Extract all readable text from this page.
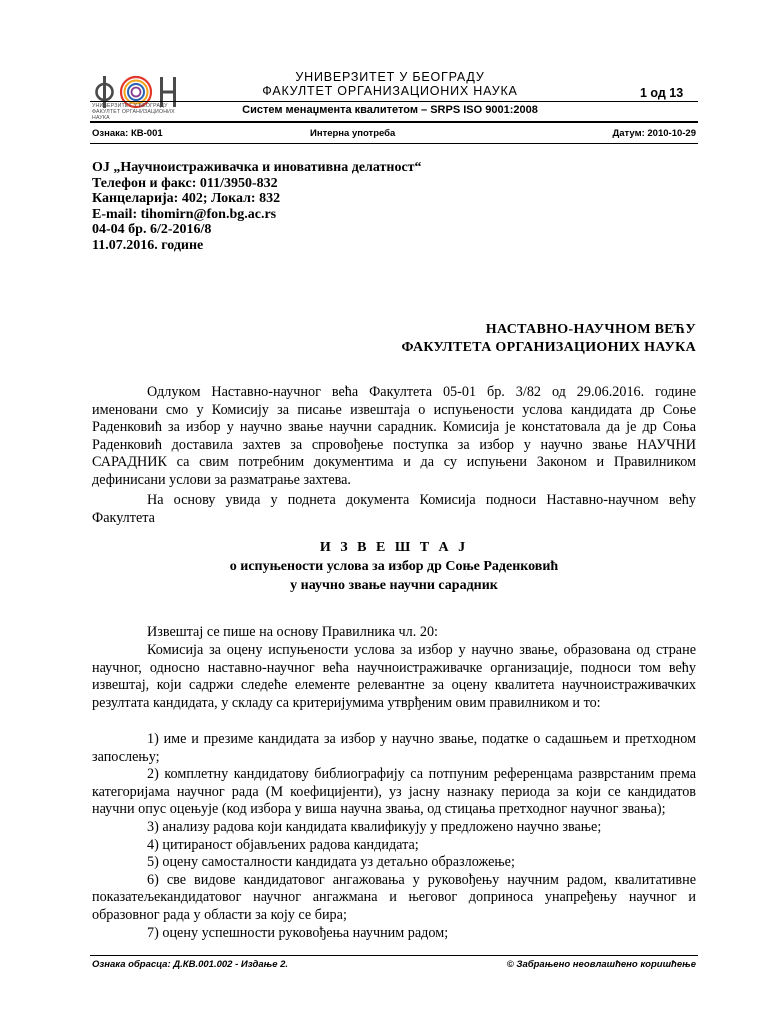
УНИВЕРЗИТЕТ У БЕОГРАДУ
ФАКУЛТЕТ ОРГАНИЗАЦИОНИХ НАУКА
УНИВЕРЗИТЕТ У БЕОГРАДУ
ФАКУЛТЕТ ОРГАНИЗАЦИОНИХ НАУКА	1 од 13
Систем менаџмента квалитетом – SRPS ISO 9001:2008
Ознака: КВ-001	Интерна употреба	Датум: 2010-10-29
ОЈ „Научноистраживачка и иновативна делатност“
Телефон и факс: 011/3950-832
Канцеларија: 402; Локал: 832
E-mail: tihomirn@fon.bg.ac.rs
04-04 бр. 6/2-2016/8
11.07.2016. године
НАСТАВНО-НАУЧНОМ ВЕЋУ
ФАКУЛТЕТА ОРГАНИЗАЦИОНИХ НАУКА
Одлуком Наставно-научног већа Факултета 05-01 бр. 3/82 од 29.06.2016. године именовани смо у Комисију за писање извештаја о испуњености услова кандидата др Соње Раденковић за избор у научно звање научни сарадник. Комисија је констатовала да је др Соња Раденковић доставила захтев за спровођење поступка за избор у научно звање НАУЧНИ САРАДНИК са свим потребним документима и да су испуњени Законом и Правилником дефинисани услови за разматрање захтева.
На основу увида у поднета документа Комисија подноси Наставно-научном већу Факултета
И З В Е Ш Т А Ј
о испуњености услова за избор др Соње Раденковић
у научно звање научни сарадник
Извештај се пише на основу Правилника чл. 20:
Комисија за оцену испуњености услова за избор у научно звање, образована од стране научног, односно наставно-научног већа научноистраживачке организације, подноси том већу извештај, који садржи следеће елементе релевантне за оцену квалитета научноистраживачких резултата кандидата, у складу са критеријумима утврђеним овим правилником и то:
1) име и презиме кандидата за избор у научно звање, податке о садашњем и претходном запослењу;
2) комплетну кандидатову библиографију са потпуним референцама разврстаним према категоријама научног рада (М коефицијенти), уз јасну назнаку периода за који се кандидатов научни опус оцењује (код избора у виша научна звања, од стицања претходног научног звања);
3) анализу радова који кандидата квалификују у предложено научно звање;
4) цитираност објављених радова кандидата;
5) оцену самосталности кандидата уз детаљно образложење;
6) све видове кандидатовог ангажовања у руковођењу научним радом, квалитативне показатељекандидатовог научног ангажмана и његовог доприноса унапређењу научног и образовног рада у области за коју се бира;
7) оцену успешности руковођења научним радом;
Ознака обрасца: Д.КВ.001.002 - Издање 2.	© Забрањено неовлашћено коришћење
